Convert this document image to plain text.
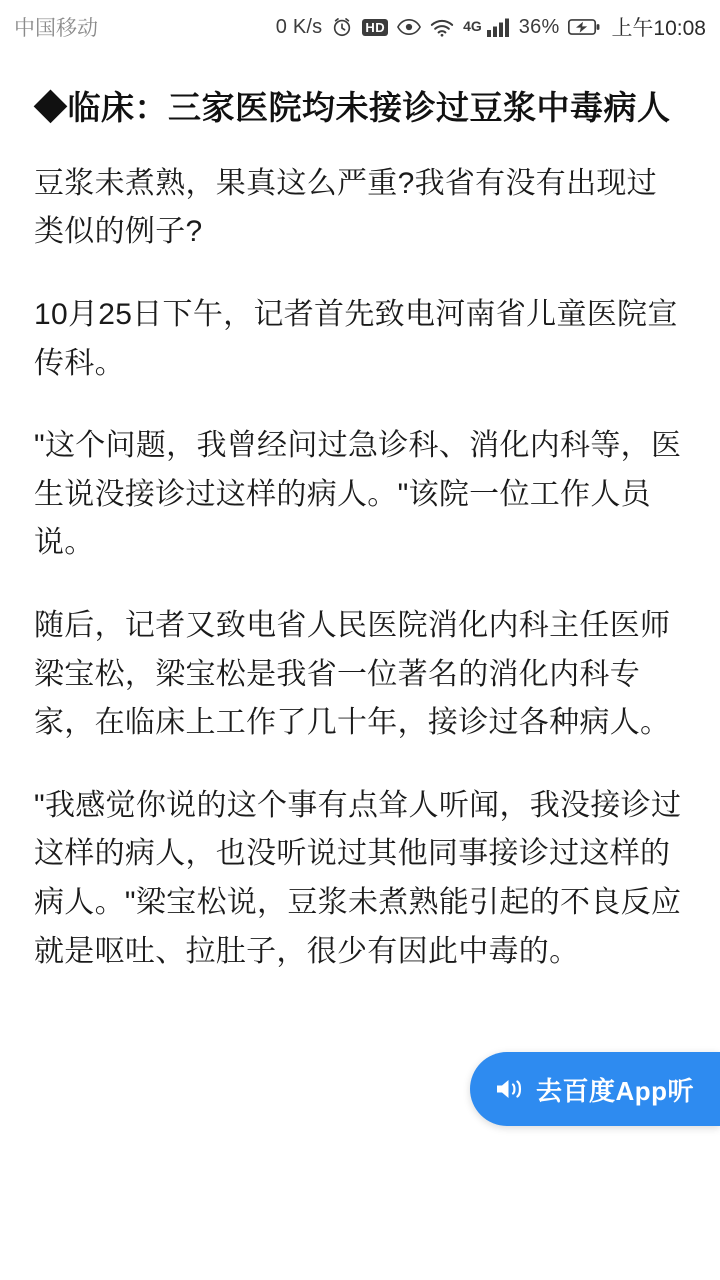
中国移动	0 K/s	HD	4G 36% 上午10:08
◆临床：三家医院均未接诊过豆浆中毒病人

豆浆未煮熟，果真这么严重?我省有没有出现过类似的例子?

10月25日下午，记者首先致电河南省儿童医院宣传科。

"这个问题，我曾经问过急诊科、消化内科等，医生说没接诊过这样的病人。"该院一位工作人员说。

随后，记者又致电省人民医院消化内科主任医师梁宝松，梁宝松是我省一位著名的消化内科专家，在临床上工作了几十年，接诊过各种病人。

"我感觉你说的这个事有点耸人听闻，我没接诊过这样的病人，也没听说过其他同事接诊过这样的病人。"梁宝松说，豆浆未煮熟能引起的不良反应就是呕吐、拉肚子，很少有因此中毒的。

去百度App听
